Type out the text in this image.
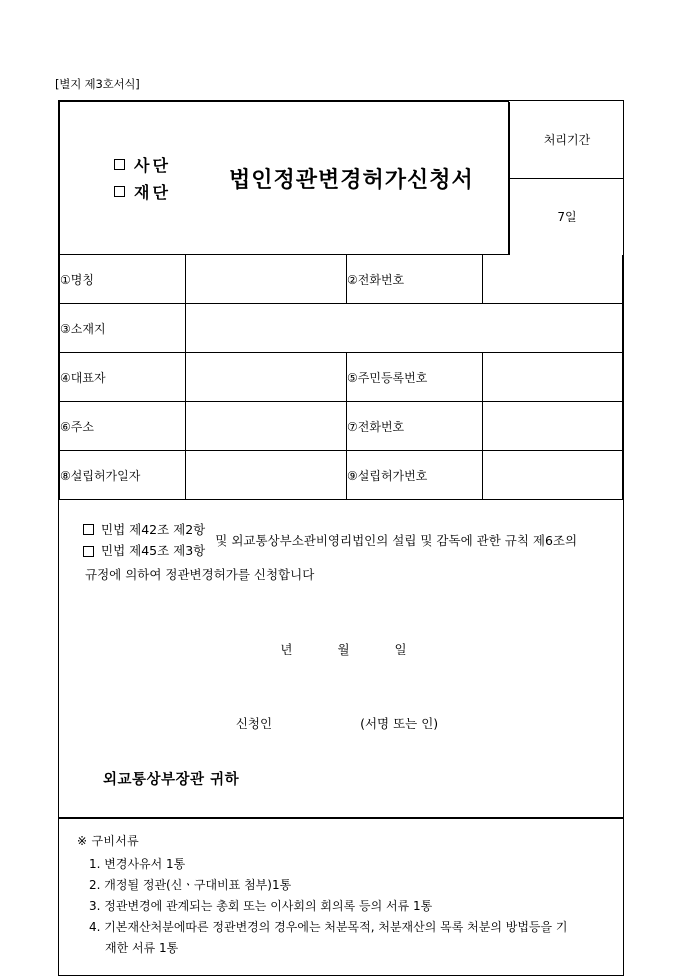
[별지 제3호서식]
사단
재단	법인정관변경허가신청서	
처리기간
7일
①명칭		②전화번호	
③소재지			
④대표자		⑤주민등록번호	
⑥주소		⑦전화번호	
⑧설립허가일자		⑨설립허가번호	
민법 제42조 제2항
민법 제45조 제3항
및 외교통상부소관비영리법인의 설립 및 감독에 관한 규칙 제6조의
규정에 의하여 정관변경허가를 신청합니다
년	월	일
신청인	(서명 또는 인)
외교통상부장관 귀하
※ 구비서류
1. 변경사유서 1통
2. 개정될 정관(신ㆍ구대비표 첨부)1통
3. 정관변경에 관계되는 총회 또는 이사회의 회의록 등의 서류 1통
4. 기본재산처분에따른 정관변경의 경우에는 처분목적, 처분재산의 목록 처분의 방법등을 기
재한 서류 1통
